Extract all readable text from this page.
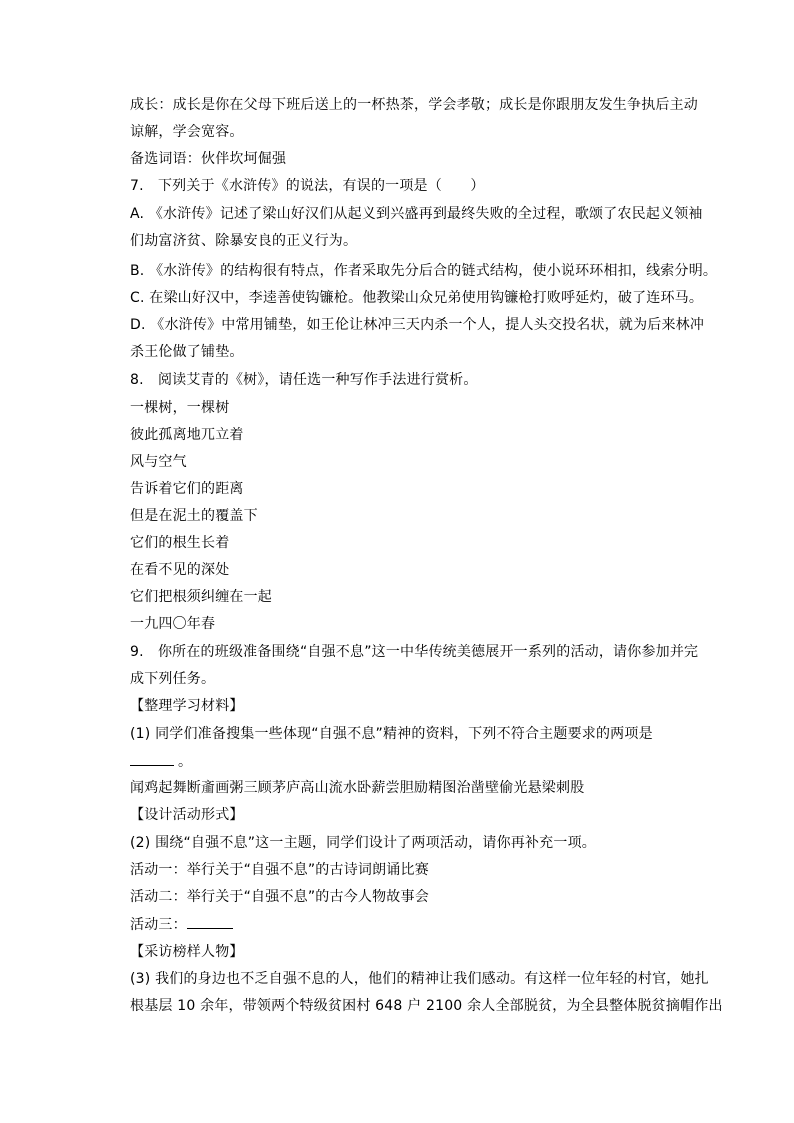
成长：成长是你在父母下班后送上的一杯热茶，学会孝敬；成长是你跟朋友发生争执后主动
谅解，学会宽容。
备选词语：伙伴坎坷倔强
7.　下列关于《水浒传》的说法，有误的一项是（　　）
A. 《水浒传》记述了梁山好汉们从起义到兴盛再到最终失败的全过程，歌颂了农民起义领袖
们劫富济贫、除暴安良的正义行为。
B. 《水浒传》的结构很有特点，作者采取先分后合的链式结构，使小说环环相扣，线索分明。
C. 在梁山好汉中，李逵善使钩镰枪。他教梁山众兄弟使用钩镰枪打败呼延灼，破了连环马。
D. 《水浒传》中常用铺垫，如王伦让林冲三天内杀一个人，提人头交投名状，就为后来林冲
杀王伦做了铺垫。
8.　阅读艾青的《树》，请任选一种写作手法进行赏析。
一棵树，一棵树
彼此孤离地兀立着
风与空气
告诉着它们的距离
但是在泥土的覆盖下
它们的根生长着
在看不见的深处
它们把根须纠缠在一起
一九四〇年春
9.　你所在的班级准备围绕“自强不息”这一中华传统美德展开一系列的活动，请你参加并完
成下列任务。
【整理学习材料】
(1) 同学们准备搜集一些体现“自强不息”精神的资料，下列不符合主题要求的两项是
。
闻鸡起舞断齑画粥三顾茅庐高山流水卧薪尝胆励精图治凿壁偷光悬梁刺股
【设计活动形式】
(2) 围绕“自强不息”这一主题，同学们设计了两项活动，请你再补充一项。
活动一：举行关于“自强不息”的古诗词朗诵比赛
活动二：举行关于“自强不息”的古今人物故事会
活动三：
【采访榜样人物】
(3) 我们的身边也不乏自强不息的人，他们的精神让我们感动。有这样一位年轻的村官，她扎
根基层 10 余年，带领两个特级贫困村 648 户 2100 余人全部脱贫，为全县整体脱贫摘帽作出
